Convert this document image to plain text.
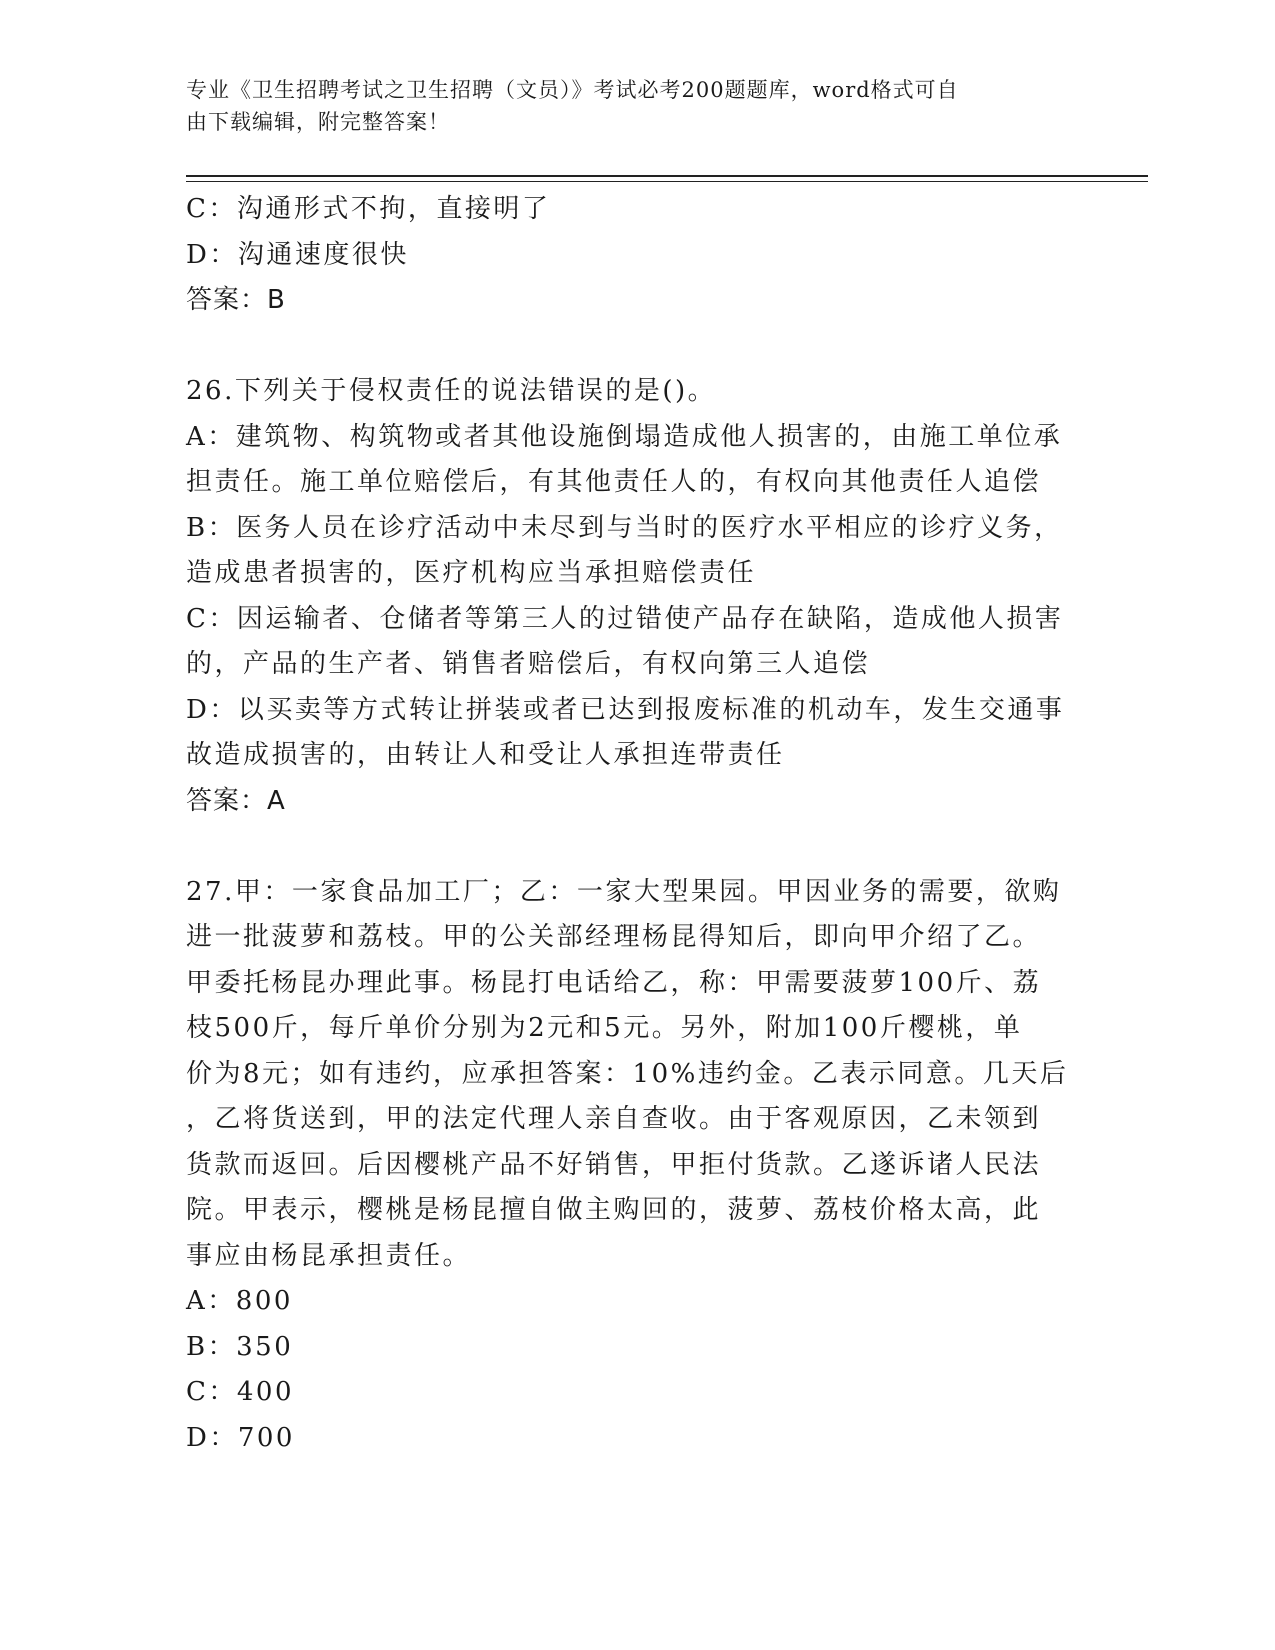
专业《卫生招聘考试之卫生招聘（文员）》考试必考200题题库，word格式可自
由下载编辑，附完整答案！
C：沟通形式不拘，直接明了
D：沟通速度很快
答案：B
26.下列关于侵权责任的说法错误的是()。
A：建筑物、构筑物或者其他设施倒塌造成他人损害的，由施工单位承
担责任。施工单位赔偿后，有其他责任人的，有权向其他责任人追偿
B：医务人员在诊疗活动中未尽到与当时的医疗水平相应的诊疗义务，
造成患者损害的，医疗机构应当承担赔偿责任
C：因运输者、仓储者等第三人的过错使产品存在缺陷，造成他人损害
的，产品的生产者、销售者赔偿后，有权向第三人追偿
D：以买卖等方式转让拼装或者已达到报废标准的机动车，发生交通事
故造成损害的，由转让人和受让人承担连带责任
答案：A
27.甲：一家食品加工厂；乙：一家大型果园。甲因业务的需要，欲购
进一批菠萝和荔枝。甲的公关部经理杨昆得知后，即向甲介绍了乙。
甲委托杨昆办理此事。杨昆打电话给乙，称：甲需要菠萝100斤、荔
枝500斤，每斤单价分别为2元和5元。另外，附加100斤樱桃，单
价为8元；如有违约，应承担答案：10%违约金。乙表示同意。几天后
，乙将货送到，甲的法定代理人亲自查收。由于客观原因，乙未领到
货款而返回。后因樱桃产品不好销售，甲拒付货款。乙遂诉诸人民法
院。甲表示，樱桃是杨昆擅自做主购回的，菠萝、荔枝价格太高，此
事应由杨昆承担责任。
A：800
B：350
C：400
D：700
